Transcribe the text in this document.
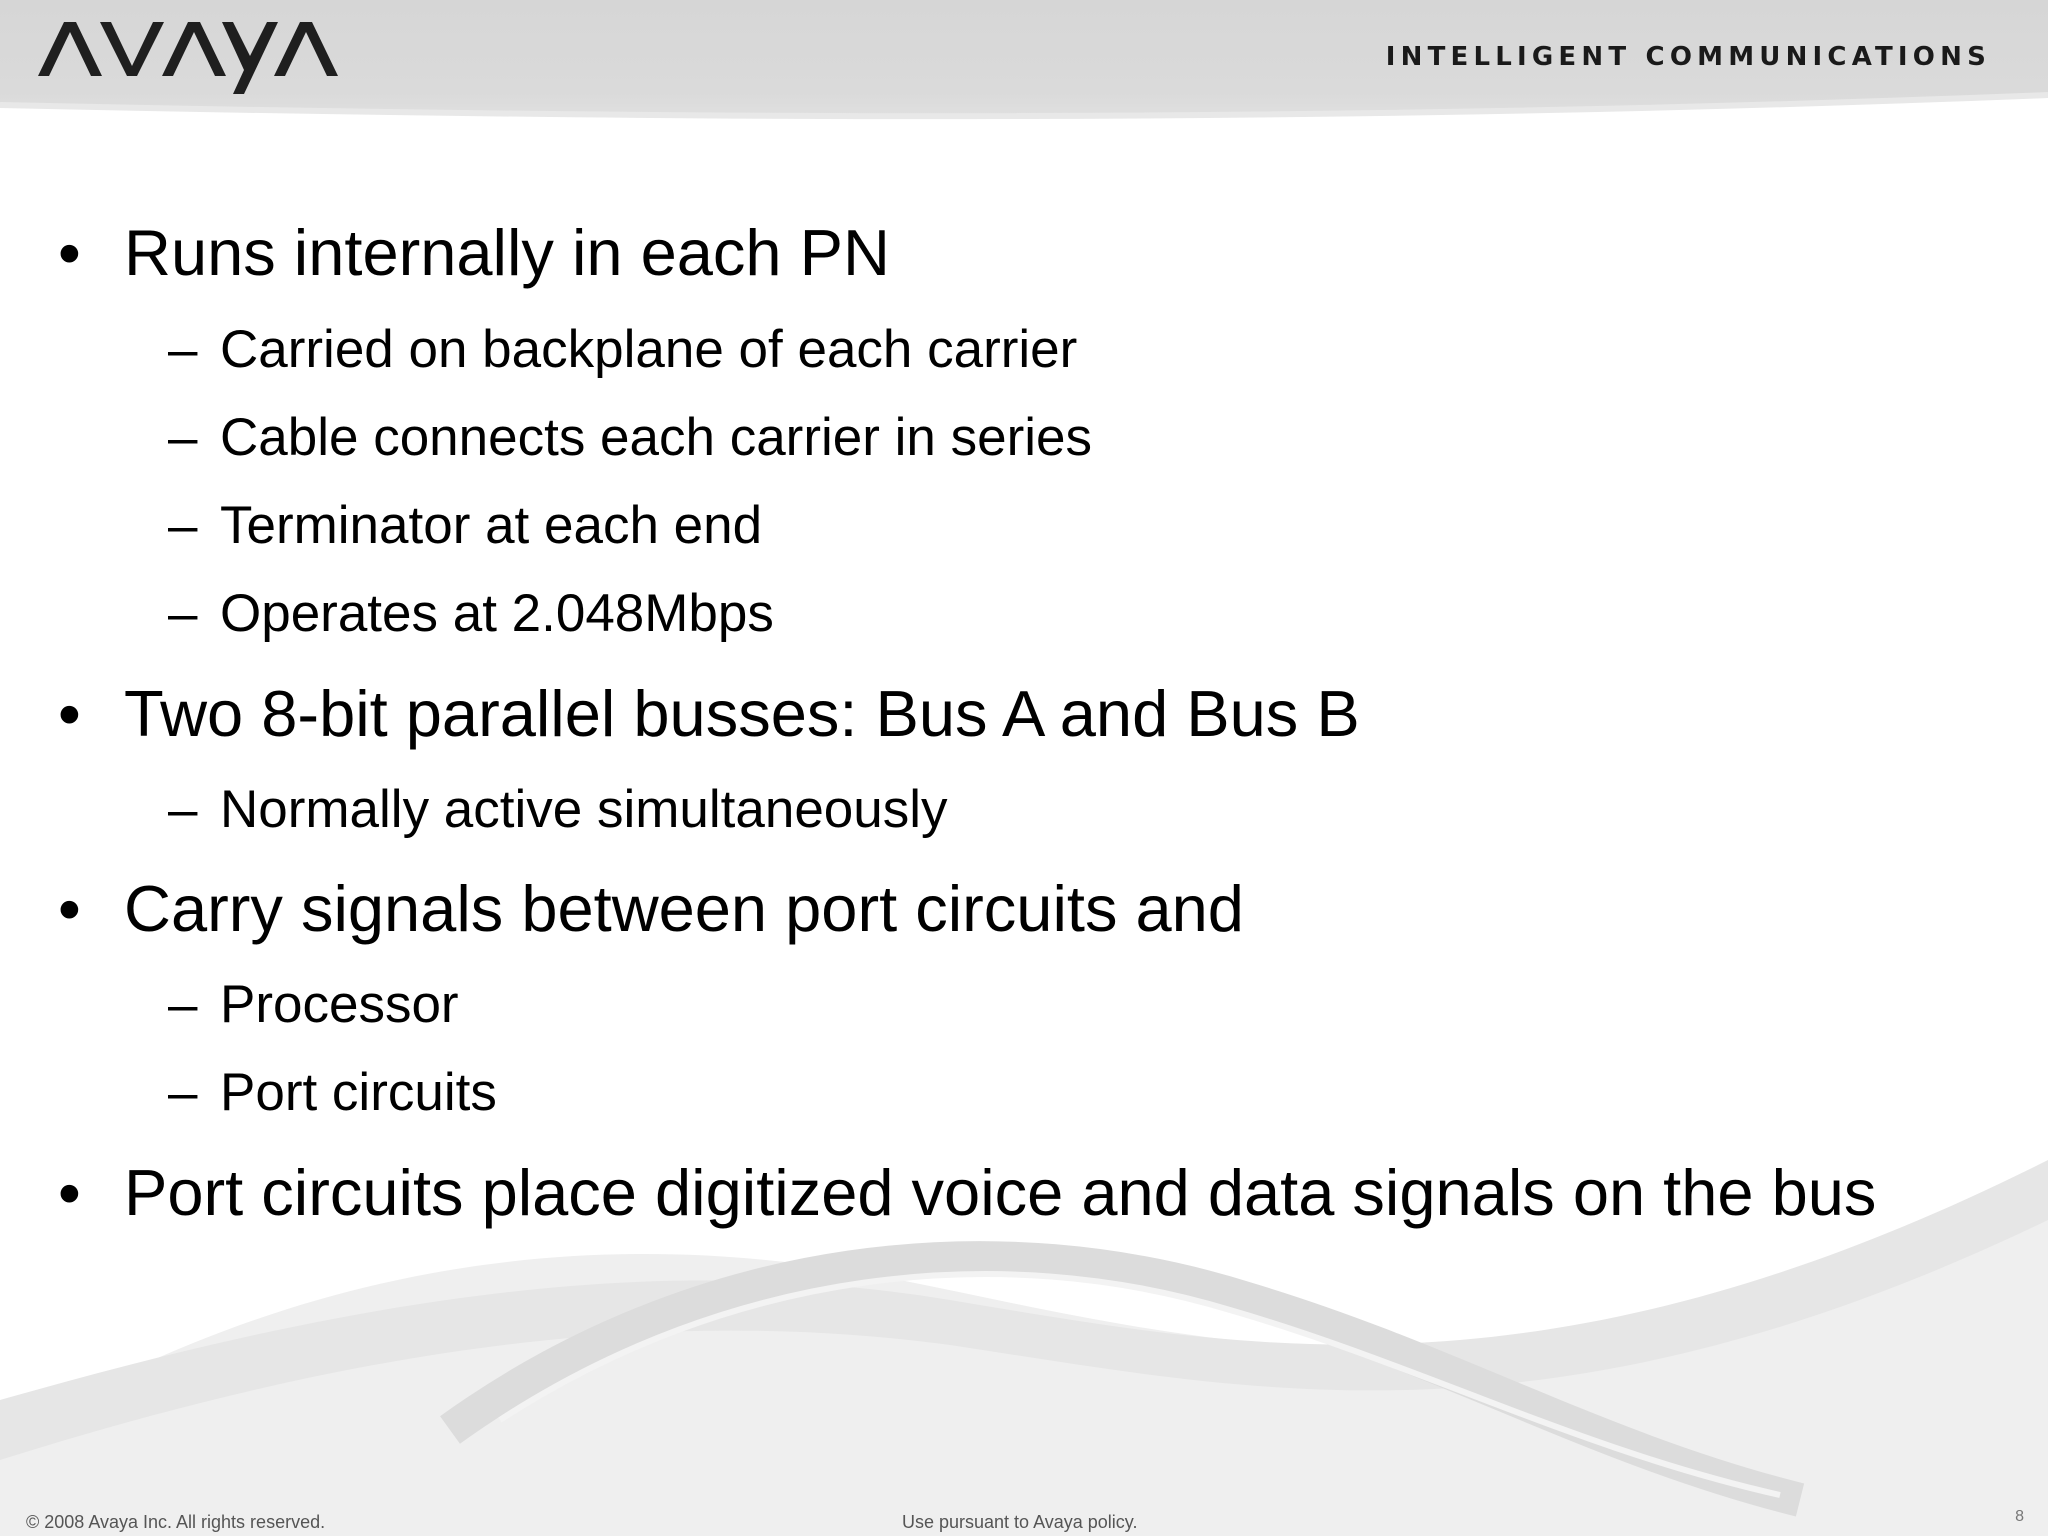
AVAYA
INTELLIGENT COMMUNICATIONS
• Runs internally in each PN
– Carried on backplane of each carrier
– Cable connects each carrier in series
– Terminator at each end
– Operates at 2.048Mbps
• Two 8-bit parallel busses: Bus A and Bus B
– Normally active simultaneously
• Carry signals between port circuits and
– Processor
– Port circuits
• Port circuits place digitized voice and data signals on the bus
© 2008 Avaya Inc. All rights reserved.	Use pursuant to Avaya policy.	8
